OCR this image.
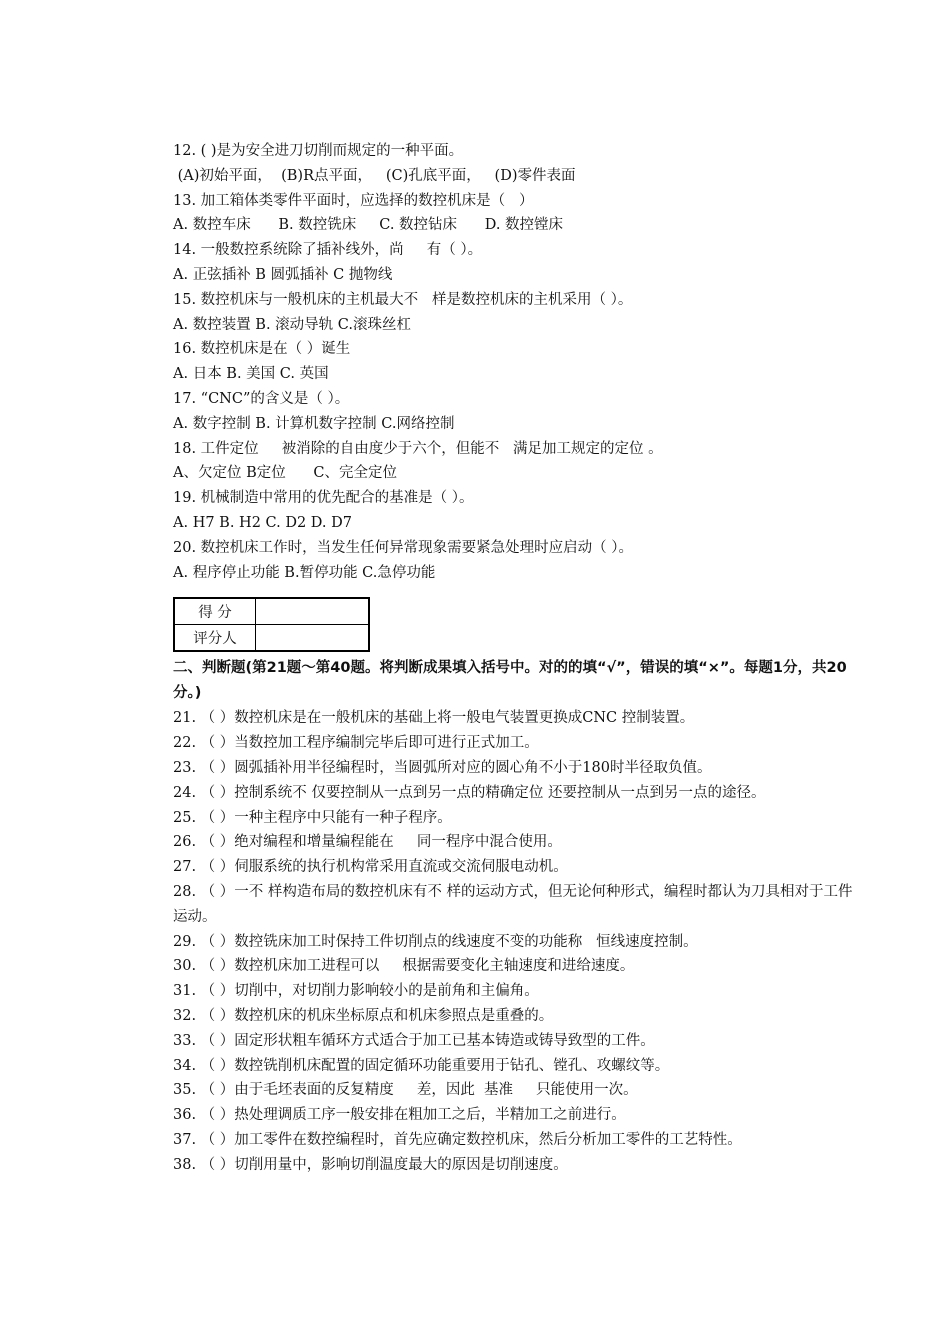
12. ( )是为安全进刀切削而规定的一种平面。
(A)初始平面，  (B)R点平面，   (C)孔底平面，   (D)零件表面
13. 加工箱体类零件平面时，应选择的数控机床是（   ）
A. 数控车床      B. 数控铣床     C. 数控钻床      D. 数控镗床
14. 一般数控系统除了插补线外，尚     有（ ）。
A. 正弦插补 B 圆弧插补 C 抛物线
15. 数控机床与一般机床的主机最大不   样是数控机床的主机采用（ ）。
A. 数控装置 B. 滚动导轨 C.滚珠丝杠
16. 数控机床是在（ ）诞生
A. 日本 B. 美国 C. 英国
17. “CNC”的含义是（ ）。
A. 数字控制 B. 计算机数字控制 C.网络控制
18. 工件定位     被消除的自由度少于六个，但能不   满足加工规定的定位 。
A、欠定位 B定位      C、完全定位
19. 机械制造中常用的优先配合的基准是（ ）。
A. H7 B. H2 C. D2 D. D7
20. 数控机床工作时，当发生任何异常现象需要紧急处理时应启动（ ）。
A. 程序停止功能 B.暂停功能 C.急停功能
得 分	
评分人	
二、判断题(第21题～第40题。将判断成果填入括号中。对的的填“√”，错误的填“×”。每题1分，共20分。)
21. （ ）数控机床是在一般机床的基础上将一般电气装置更换成CNC 控制装置。
22. （ ）当数控加工程序编制完毕后即可进行正式加工。
23. （ ）圆弧插补用半径编程时，当圆弧所对应的圆心角不小于180时半径取负值。
24. （ ）控制系统不 仅要控制从一点到另一点的精确定位 还要控制从一点到另一点的途径。
25. （ ）一种主程序中只能有一种子程序。
26. （ ）绝对编程和增量编程能在     同一程序中混合使用。
27. （ ）伺服系统的执行机构常采用直流或交流伺服电动机。
28. （ ）一不 样构造布局的数控机床有不 样的运动方式，但无论何种形式，编程时都认为刀具相对于工件运动。
29. （ ）数控铣床加工时保持工件切削点的线速度不变的功能称   恒线速度控制。
30. （ ）数控机床加工进程可以     根据需要变化主轴速度和进给速度。
31. （ ）切削中，对切削力影响较小的是前角和主偏角。
32. （ ）数控机床的机床坐标原点和机床参照点是重叠的。
33. （ ）固定形状粗车循环方式适合于加工已基本铸造或铸导致型的工件。
34. （ ）数控铣削机床配置的固定循环功能重要用于钻孔、镗孔、攻螺纹等。
35. （ ）由于毛坯表面的反复精度     差，因此  基准     只能使用一次。
36. （ ）热处理调质工序一般安排在粗加工之后，半精加工之前进行。
37. （ ）加工零件在数控编程时，首先应确定数控机床，然后分析加工零件的工艺特性。
38. （ ）切削用量中，影响切削温度最大的原因是切削速度。
